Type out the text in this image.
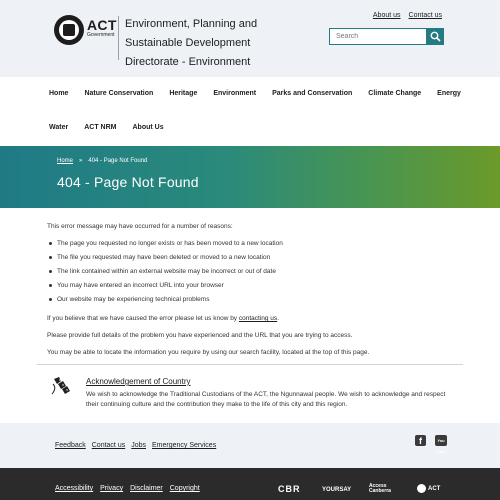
ACT
Government
Environment, Planning and Sustainable Development Directorate - Environment
About us Contact us
Search
Home Nature Conservation Heritage Environment Parks and Conservation Climate Change Energy
Water ACT NRM About Us
Home » 404 - Page Not Found
404 - Page Not Found

This error message may have occurred for a number of reasons:

The page you requested no longer exists or has been moved to a new location
The file you requested may have been deleted or moved to a new location
The link contained within an external website may be incorrect or out of date
You may have entered an incorrect URL into your browser
Our website may be experiencing technical problems

If you believe that we have caused the error please let us know by contacting us.

Please provide full details of the problem you have experienced and the URL that you are trying to access.

You may be able to locate the information you require by using our search facility, located at the top of this page.

Acknowledgement of Country

We wish to acknowledge the Traditional Custodians of the ACT, the Ngunnawal people. We wish to acknowledge and respect their continuing culture and the contribution they make to the life of this city and this region.

Feedback Contact us Jobs Emergency Services	f	You Tube
Accessibility Privacy Disclaimer Copyright	CBR	YOURSAY
Access
Canberra	ACT
